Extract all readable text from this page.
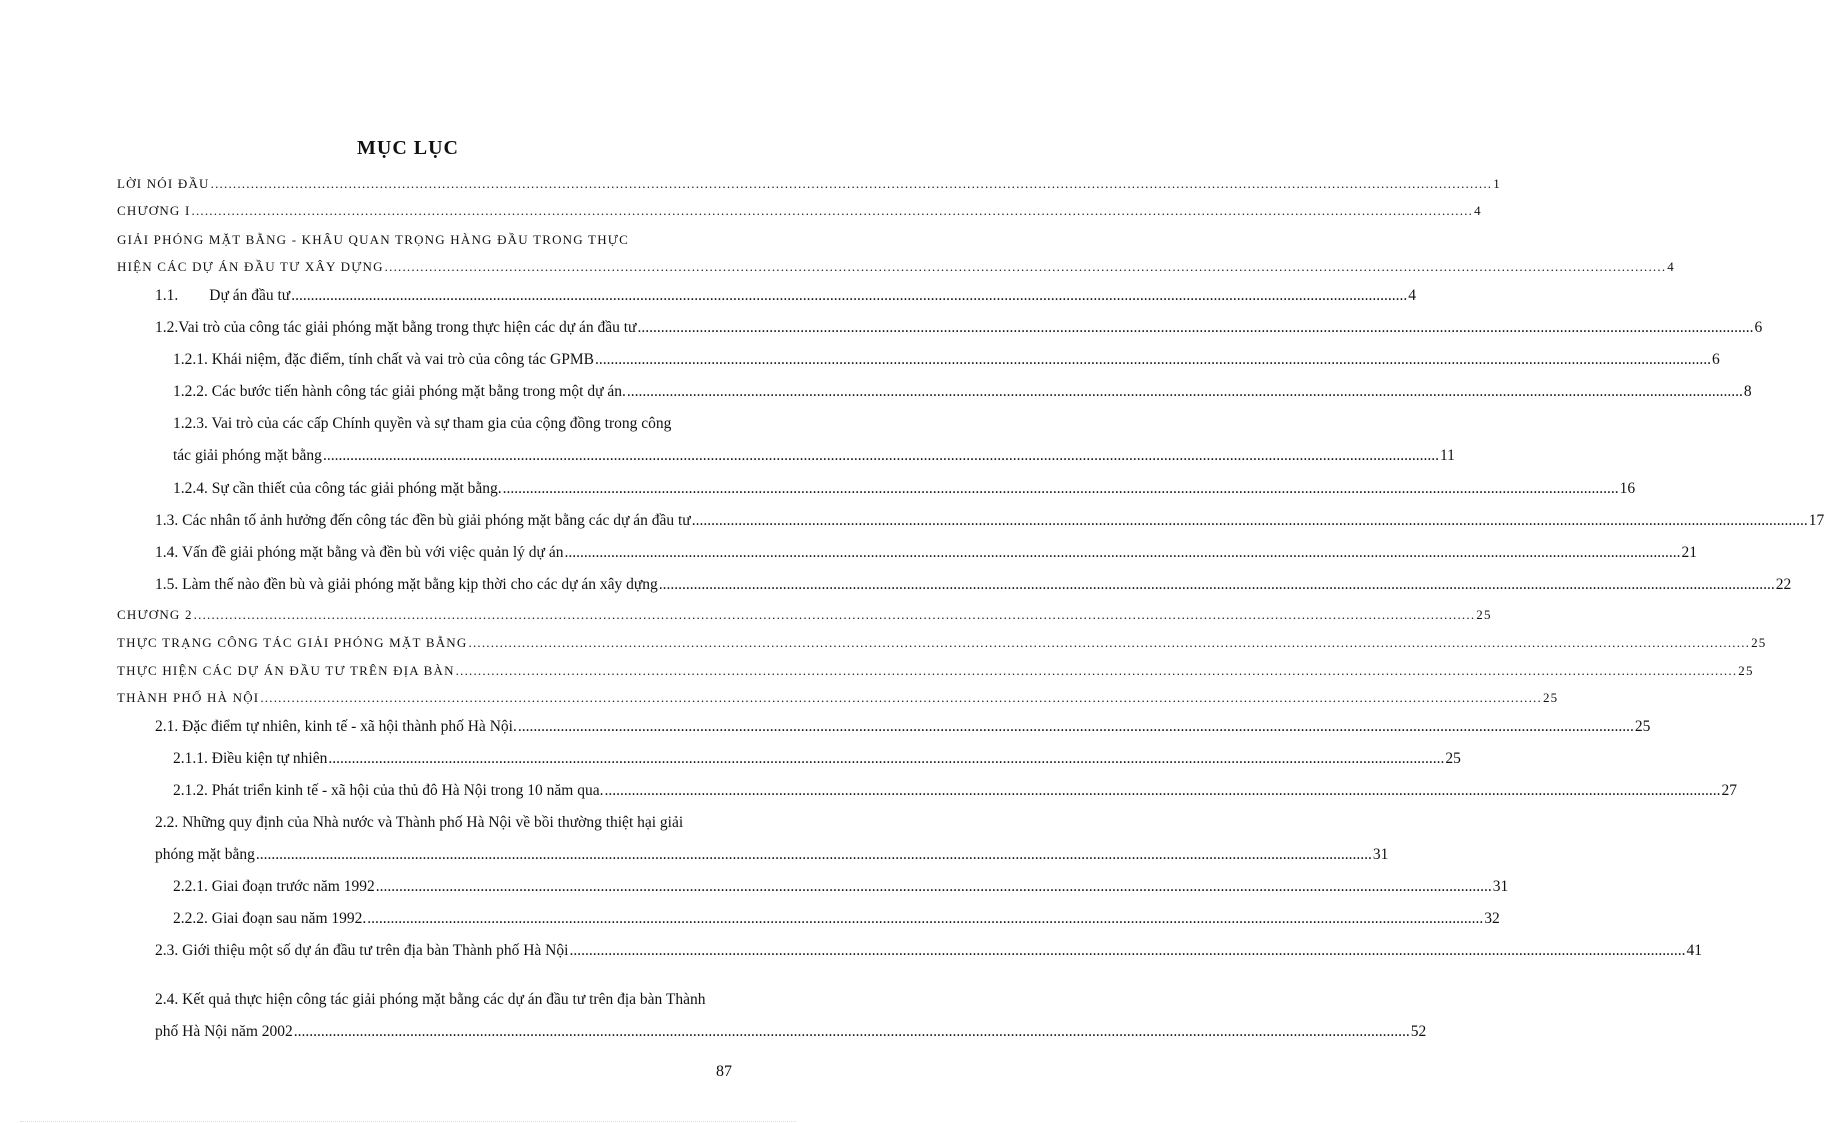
MỤC LỤC
LỜI NÓI ĐẦU .....	1
CHƯƠNG I .....	4
GIẢI PHÓNG MẶT BẰNG - KHÂU QUAN TRỌNG HÀNG ĐẦU TRONG THỰC
HIỆN CÁC DỰ ÁN ĐẦU TƯ XÂY DỰNG .....	4
1.1.        Dự án đầu tư .....	4
1.2.Vai trò của công tác giải phóng mặt bằng trong thực hiện các dự án đầu tư .....	6
1.2.1. Khái niệm, đặc điểm, tính chất và vai trò của công tác GPMB .....	6
1.2.2. Các bước tiến hành công tác giải phóng mặt bằng trong một dự án. .....	8
1.2.3. Vai trò của các cấp Chính quyền và sự tham gia của cộng đồng trong công
tác giải phóng mặt bằng .....	11
1.2.4. Sự cần thiết của công tác giải phóng mặt bằng. .....	16
1.3. Các nhân tố ảnh hưởng đến công tác đền bù giải phóng mặt bằng các dự án đầu tư .....	17
1.4. Vấn đề giải phóng mặt bằng và đền bù với việc quản lý dự án .....	21
1.5. Làm thế nào đền bù và giải phóng mặt bằng kịp thời cho các dự án xây dựng .....	22
CHƯƠNG 2 .....	25
THỰC TRẠNG CÔNG TÁC GIẢI PHÓNG MẶT BẰNG .....	25
THỰC HIỆN CÁC DỰ ÁN ĐẦU TƯ TRÊN ĐỊA BÀN .....	25
THÀNH PHỐ HÀ NỘI .....	25
2.1. Đặc điểm tự nhiên, kinh tế - xã hội thành phố Hà Nội. .....	25
2.1.1. Điều kiện tự nhiên .....	25
2.1.2. Phát triển kinh tế - xã hội của thủ đô Hà Nội trong 10 năm qua. .....	27
2.2. Những quy định của Nhà nước và Thành phố Hà Nội về bồi thường thiệt hại giải
phóng mặt bằng .....	31
2.2.1. Giai đoạn trước năm 1992 .....	31
2.2.2. Giai đoạn sau năm 1992. .....	32
2.3. Giới thiệu một số dự án đầu tư trên địa bàn Thành phố Hà Nội .....	41
2.4. Kết quả thực hiện công tác giải phóng mặt bằng các dự án đầu tư trên địa bàn Thành
phố Hà Nội năm 2002 .....	52
87
